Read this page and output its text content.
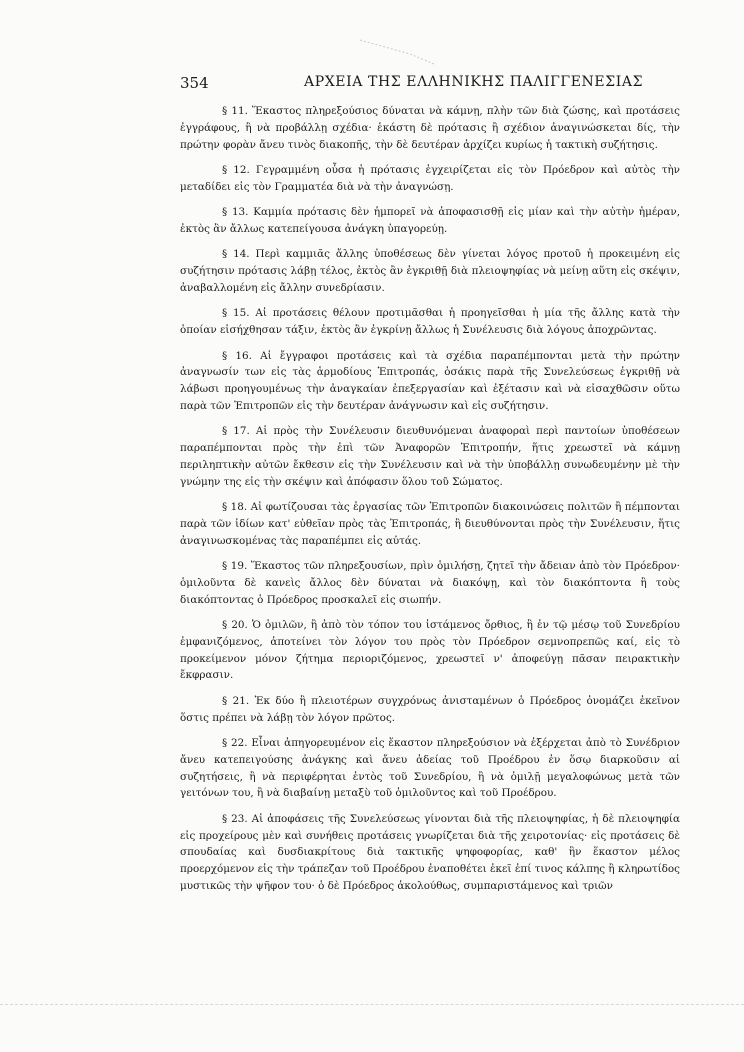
354	ΑΡΧΕΙΑ ΤΗΣ ΕΛΛΗΝΙΚΗΣ ΠΑΛΙΓΓΕΝΕΣΙΑΣ

§ 11. Ἕκαστος πληρεξούσιος δύναται νὰ κάμνῃ, πλὴν τῶν διὰ ζώσης, καὶ προτάσεις ἐγγράφους, ἢ νὰ προβάλλῃ σχέδια· ἑκάστη δὲ πρότασις ἢ σχέδιον ἀναγινώσκεται δίς, τὴν πρώτην φορὰν ἄνευ τινὸς διακοπῆς, τὴν δὲ δευτέραν ἀρχίζει κυρίως ἡ τακτικὴ συζήτησις.

§ 12. Γεγραμμένη οὖσα ἡ πρότασις ἐγχειρίζεται εἰς τὸν Πρόεδρον καὶ αὐτὸς τὴν μεταδίδει εἰς τὸν Γραμματέα διὰ νὰ τὴν ἀναγνώσῃ.

§ 13. Καμμία πρότασις δὲν ἠμπορεῖ νὰ ἀποφασισθῇ εἰς μίαν καὶ τὴν αὐτὴν ἡμέραν, ἐκτὸς ἂν ἄλλως κατεπείγουσα ἀνάγκη ὑπαγορεύῃ.

§ 14. Περὶ καμμιᾶς ἄλλης ὑποθέσεως δὲν γίνεται λόγος προτοῦ ἡ προκειμένη εἰς συζήτησιν πρότασις λάβῃ τέλος, ἐκτὸς ἂν ἐγκριθῇ διὰ πλειοψηφίας νὰ μείνῃ αὕτη εἰς σκέψιν, ἀναβαλλομένη εἰς ἄλλην συνεδρίασιν.

§ 15. Αἱ προτάσεις θέλουν προτιμᾶσθαι ἡ προηγεῖσθαι ἡ μία τῆς ἄλλης κατὰ τὴν ὁποίαν εἰσήχθησαν τάξιν, ἐκτὸς ἂν ἐγκρίνῃ ἄλλως ἡ Συνέλευσις διὰ λόγους ἀποχρῶντας.

§ 16. Αἱ ἔγγραφοι προτάσεις καὶ τὰ σχέδια παραπέμπονται μετὰ τὴν πρώτην ἀναγνωσίν των εἰς τὰς ἁρμοδίους Ἐπιτροπάς, ὁσάκις παρὰ τῆς Συνελεύσεως ἐγκριθῇ νὰ λάβωσι προηγουμένως τὴν ἀναγκαίαν ἐπεξεργασίαν καὶ ἐξέτασιν καὶ νὰ εἰσαχθῶσιν οὕτω παρὰ τῶν Ἐπιτροπῶν εἰς τὴν δευτέραν ἀνάγνωσιν καὶ εἰς συζήτησιν.

§ 17. Αἱ πρὸς τὴν Συνέλευσιν διευθυνόμεναι ἀναφοραὶ περὶ παντοίων ὑποθέσεων παραπέμπονται πρὸς τὴν ἐπὶ τῶν Ἀναφορῶν Ἐπιτροπήν, ἥτις χρεωστεῖ νὰ κάμνῃ περιληπτικὴν αὐτῶν ἔκθεσιν εἰς τὴν Συνέλευσιν καὶ νὰ τὴν ὑποβάλλῃ συνωδευμένην μὲ τὴν γνώμην της εἰς τὴν σκέψιν καὶ ἀπόφασιν ὅλου τοῦ Σώματος.

§ 18. Αἱ φωτίζουσαι τὰς ἐργασίας τῶν Ἐπιτροπῶν διακοινώσεις πολιτῶν ἢ πέμπονται παρὰ τῶν ἰδίων κατ' εὐθεῖαν πρὸς τὰς Ἐπιτροπάς, ἢ διευθύνονται πρὸς τὴν Συνέλευσιν, ἥτις ἀναγινωσκομένας τὰς παραπέμπει εἰς αὐτάς.

§ 19. Ἕκαστος τῶν πληρεξουσίων, πρὶν ὁμιλήσῃ, ζητεῖ τὴν ἄδειαν ἀπὸ τὸν Πρόεδρον· ὁμιλοῦντα δὲ κανεὶς ἄλλος δὲν δύναται νὰ διακόψῃ, καὶ τὸν διακόπτοντα ἢ τοὺς διακόπτοντας ὁ Πρόεδρος προσκαλεῖ εἰς σιωπήν.

§ 20. Ὁ ὁμιλῶν, ἢ ἀπὸ τὸν τόπον του ἱστάμενος ὄρθιος, ἢ ἐν τῷ μέσῳ τοῦ Συνεδρίου ἐμφανιζόμενος, ἀποτείνει τὸν λόγον του πρὸς τὸν Πρόεδρον σεμνοπρεπῶς καί, εἰς τὸ προκείμενον μόνον ζήτημα περιοριζόμενος, χρεωστεῖ ν' ἀποφεύγῃ πᾶσαν πειρακτικὴν ἔκφρασιν.

§ 21. Ἐκ δύο ἢ πλειοτέρων συγχρόνως ἀνισταμένων ὁ Πρόεδρος ὀνομάζει ἐκεῖνον ὅστις πρέπει νὰ λάβῃ τὸν λόγον πρῶτος.

§ 22. Εἶναι ἀπηγορευμένον εἰς ἕκαστον πληρεξούσιον νὰ ἐξέρχεται ἀπὸ τὸ Συνέδριον ἄνευ κατεπειγούσης ἀνάγκης καὶ ἄνευ ἀδείας τοῦ Προέδρου ἐν ὅσῳ διαρκοῦσιν αἱ συζητήσεις, ἢ νὰ περιφέρηται ἐντὸς τοῦ Συνεδρίου, ἢ νὰ ὁμιλῇ μεγαλοφώνως μετὰ τῶν γειτόνων του, ἢ νὰ διαβαίνῃ μεταξὺ τοῦ ὁμιλοῦντος καὶ τοῦ Προέδρου.

§ 23. Αἱ ἀποφάσεις τῆς Συνελεύσεως γίνονται διὰ τῆς πλειοψηφίας, ἡ δὲ πλειοψηφία εἰς προχείρους μὲν καὶ συνήθεις προτάσεις γνωρίζεται διὰ τῆς χειροτονίας· εἰς προτάσεις δὲ σπουδαίας καὶ δυσδιακρίτους διὰ τακτικῆς ψηφοφορίας, καθ' ἣν ἕκαστον μέλος προερχόμενον εἰς τὴν τράπεζαν τοῦ Προέδρου ἐναποθέτει ἐκεῖ ἐπί τινος κάλπης ἢ κληρωτίδος μυστικῶς τὴν ψῆφον του· ὁ δὲ Πρόεδρος ἀκολούθως, συμπαριστάμενος καὶ τριῶν
